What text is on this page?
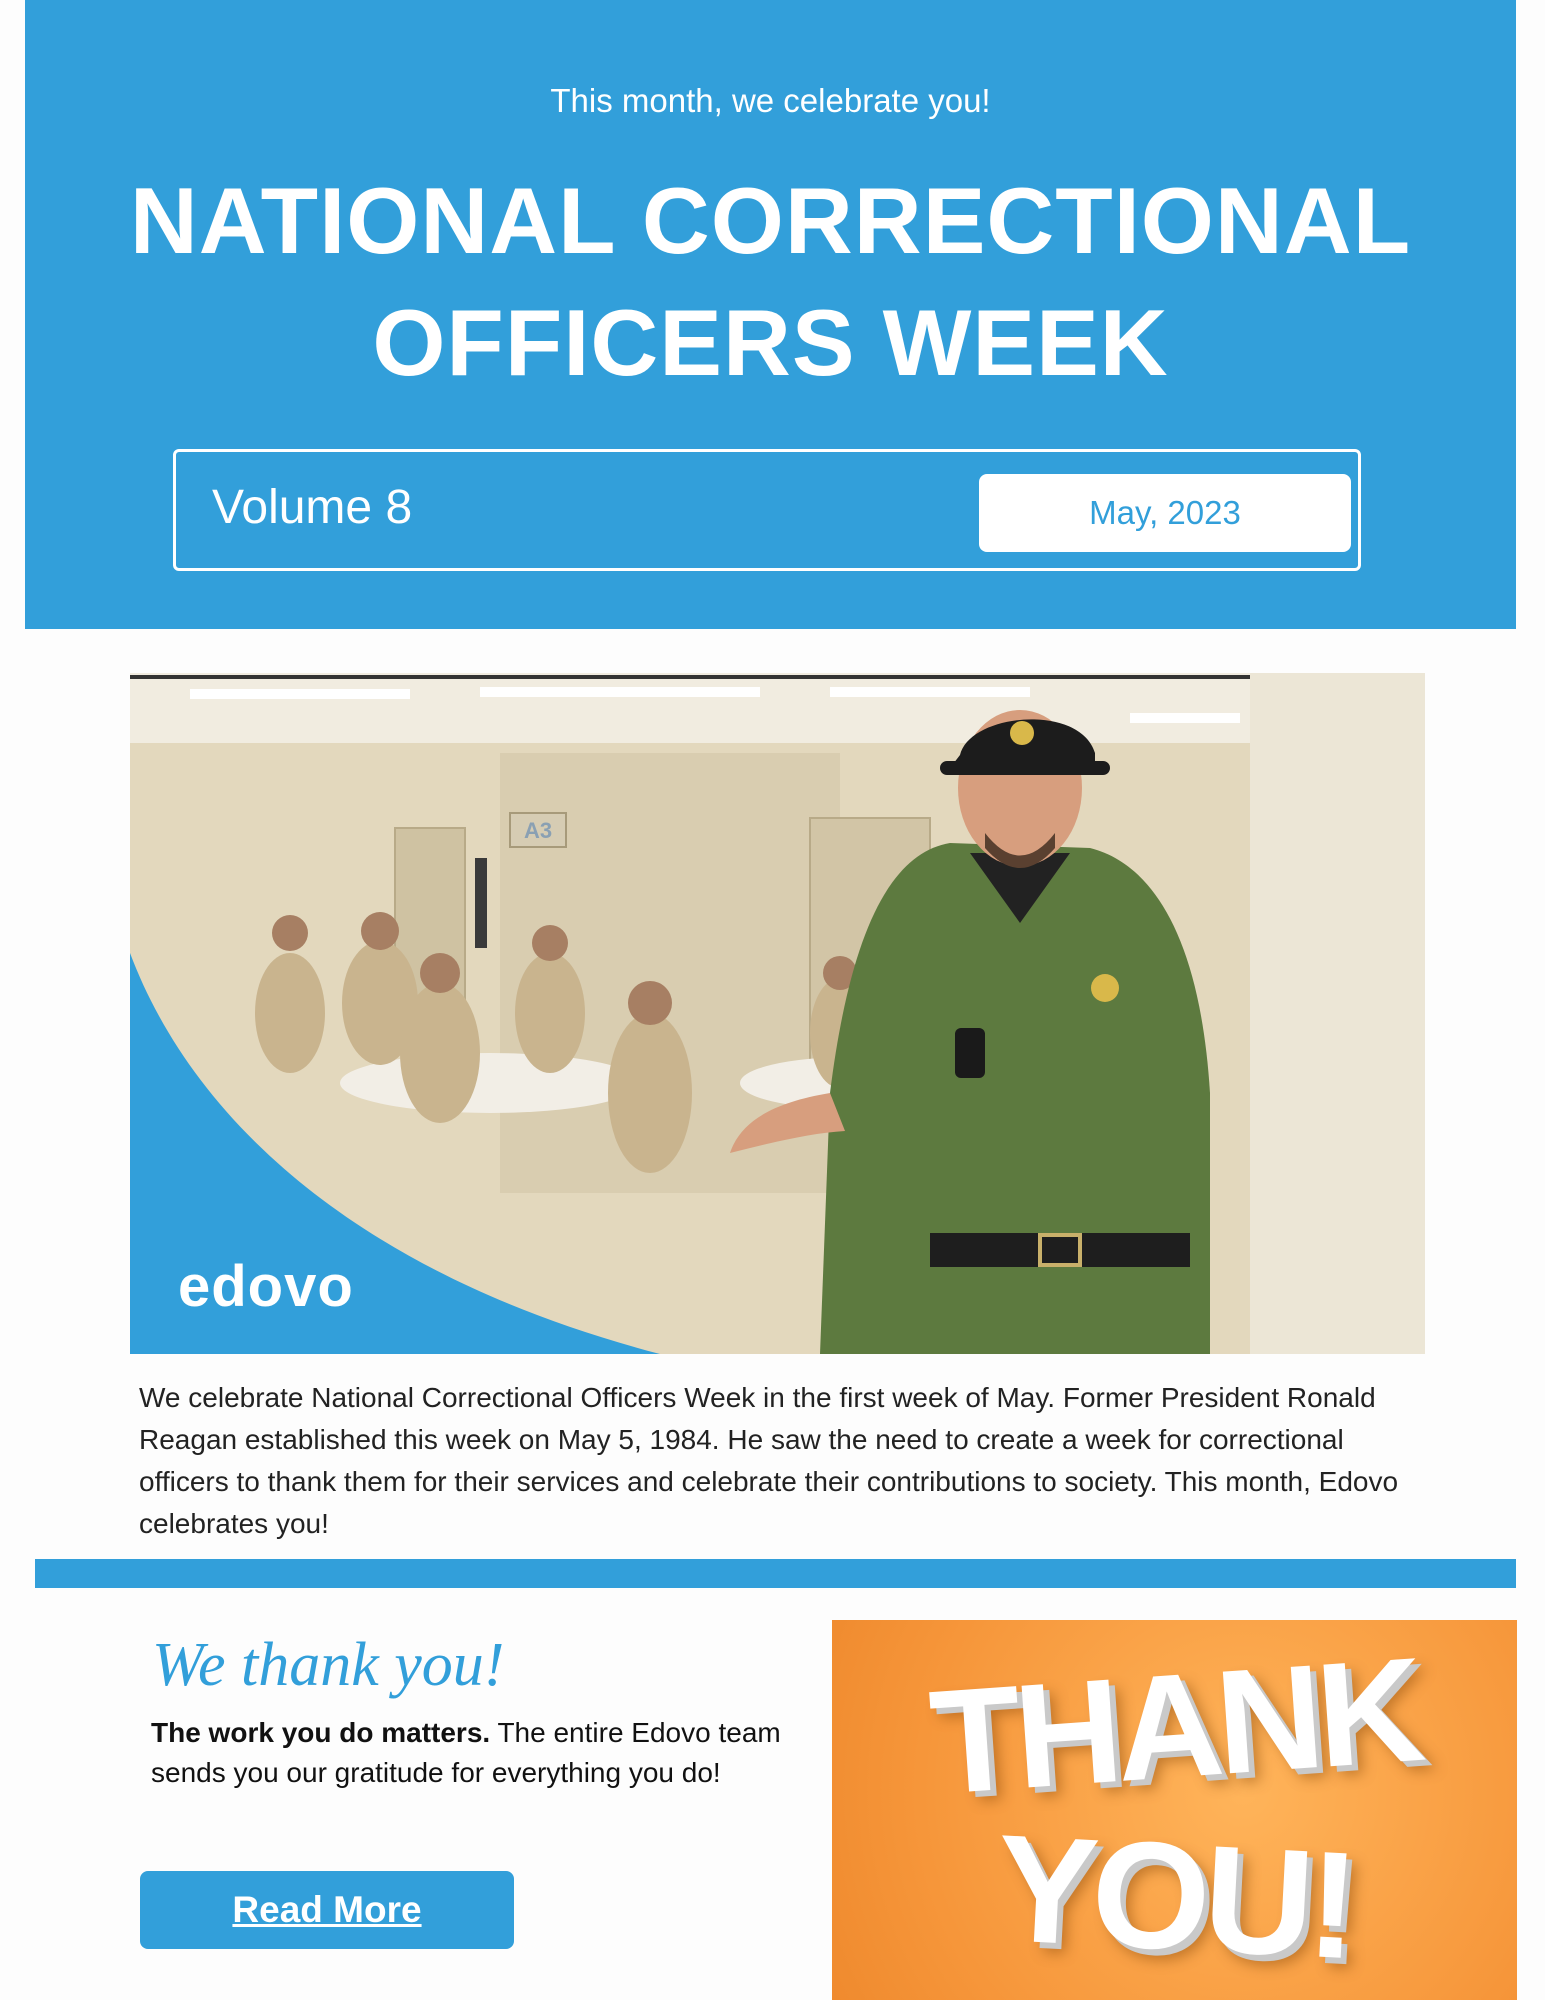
This month, we celebrate you!
NATIONAL CORRECTIONAL
OFFICERS WEEK
Volume 8	May, 2023
A3
edovo

We celebrate National Correctional Officers Week in the first week of May. Former President Ronald Reagan established this week on May 5, 1984. He saw the need to create a week for correctional officers to thank them for their services and celebrate their contributions to society. This month, Edovo celebrates you!

We thank you!

The work you do matters. The entire Edovo team sends you our gratitude for everything you do!

Read More
THANK
YOU!
